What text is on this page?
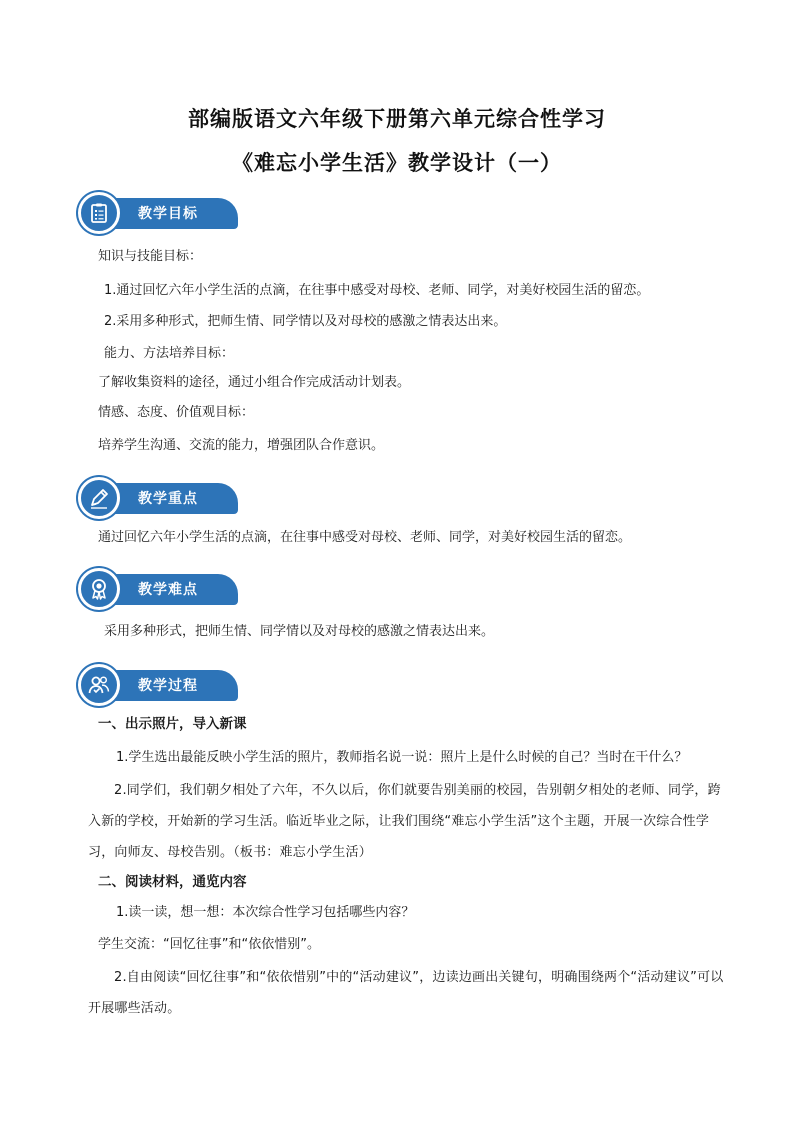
部编版语文六年级下册第六单元综合性学习
《难忘小学生活》教学设计（一）
教学目标
知识与技能目标：
1.通过回忆六年小学生活的点滴，在往事中感受对母校、老师、同学，对美好校园生活的留恋。
2.采用多种形式，把师生情、同学情以及对母校的感激之情表达出来。
能力、方法培养目标：
了解收集资料的途径，通过小组合作完成活动计划表。
情感、态度、价值观目标：
培养学生沟通、交流的能力，增强团队合作意识。
教学重点
通过回忆六年小学生活的点滴，在往事中感受对母校、老师、同学，对美好校园生活的留恋。
教学难点
采用多种形式，把师生情、同学情以及对母校的感激之情表达出来。
教学过程
一、出示照片，导入新课
1.学生选出最能反映小学生活的照片，教师指名说一说：照片上是什么时候的自己？当时在干什么？
2.同学们，我们朝夕相处了六年，不久以后，你们就要告别美丽的校园，告别朝夕相处的老师、同学，跨入新的学校，开始新的学习生活。临近毕业之际，让我们围绕“难忘小学生活”这个主题，开展一次综合性学习，向师友、母校告别。（板书：难忘小学生活）
二、阅读材料，通览内容
1.读一读，想一想：本次综合性学习包括哪些内容？
学生交流：“回忆往事”和“依依惜别”。
2.自由阅读“回忆往事”和“依依惜别”中的“活动建议”，边读边画出关键句，明确围绕两个“活动建议”可以开展哪些活动。
